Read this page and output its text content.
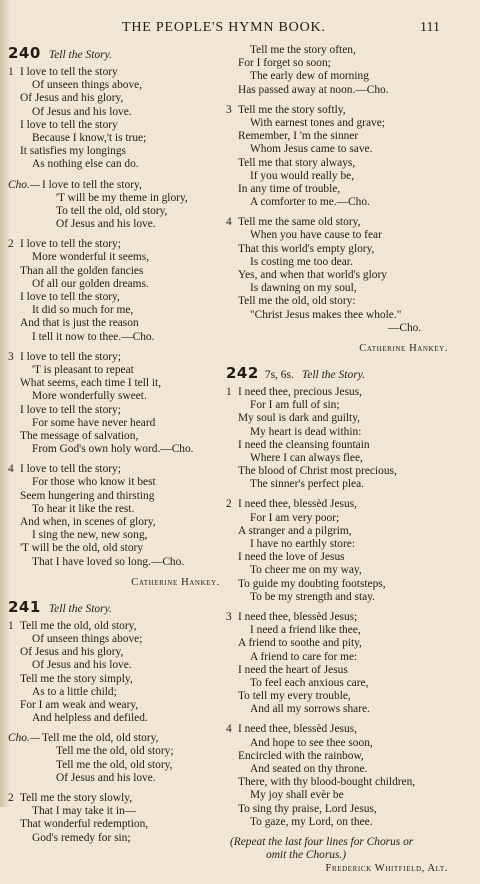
THE PEOPLE'S HYMN BOOK.	111
240 Tell the Story.
1 I love to tell the story
Of unseen things above,
Of Jesus and his glory,
Of Jesus and his love.
I love to tell the story
Because I know,'t is true;
It satisfies my longings
As nothing else can do.
Cho.— I love to tell the story,
'T will be my theme in glory,
To tell the old, old story,
Of Jesus and his love.
2 I love to tell the story;
More wonderful it seems,
Than all the golden fancies
Of all our golden dreams.
I love to tell the story,
It did so much for me,
And that is just the reason
I tell it now to thee.—Cho.
3 I love to tell the story;
'T is pleasant to repeat
What seems, each time I tell it,
More wonderfully sweet.
I love to tell the story;
For some have never heard
The message of salvation,
From God's own holy word.—Cho.
4 I love to tell the story;
For those who know it best
Seem hungering and thirsting
To hear it like the rest.
And when, in scenes of glory,
I sing the new, new song,
'T will be the old, old story
That I have loved so long.—Cho.
Catherine Hankey.
241 Tell the Story.
1 Tell me the old, old story,
Of unseen things above;
Of Jesus and his glory,
Of Jesus and his love.
Tell me the story simply,
As to a little child;
For I am weak and weary,
And helpless and defiled.
Cho.— Tell me the old, old story,
Tell me the old, old story;
Tell me the old, old story,
Of Jesus and his love.
2 Tell me the story slowly,
That I may take it in—
That wonderful redemption,
God's remedy for sin;
Tell me the story often,
For I forget so soon;
The early dew of morning
Has passed away at noon.—Cho.
3 Tell me the story softly,
With earnest tones and grave;
Remember, I 'm the sinner
Whom Jesus came to save.
Tell me that story always,
If you would really be,
In any time of trouble,
A comforter to me.—Cho.
4 Tell me the same old story,
When you have cause to fear
That this world's empty glory,
Is costing me too dear.
Yes, and when that world's glory
Is dawning on my soul,
Tell me the old, old story:
"Christ Jesus makes thee whole."
—Cho.
Catherine Hankey.
242 7s, 6s. Tell the Story.
1 I need thee, precious Jesus,
For I am full of sin;
My soul is dark and guilty,
My heart is dead within:
I need the cleansing fountain
Where I can always flee,
The blood of Christ most precious,
The sinner's perfect plea.
2 I need thee, blessèd Jesus,
For I am very poor;
A stranger and a pilgrim,
I have no earthly store:
I need the love of Jesus
To cheer me on my way,
To guide my doubting footsteps,
To be my strength and stay.
3 I need thee, blessèd Jesus;
I need a friend like thee,
A friend to soothe and pity,
A friend to care for me:
I need the heart of Jesus
To feel each anxious care,
To tell my every trouble,
And all my sorrows share.
4 I need thee, blessèd Jesus,
And hope to see thee soon,
Encircled with the rainbow,
And seated on thy throne.
There, with thy blood-bought children,
My joy shall evèr be
To sing thy praise, Lord Jesus,
To gaze, my Lord, on thee.
(Repeat the last four lines for Chorus or
omit the Chorus.)
Frederick Whitfield, Alt.
